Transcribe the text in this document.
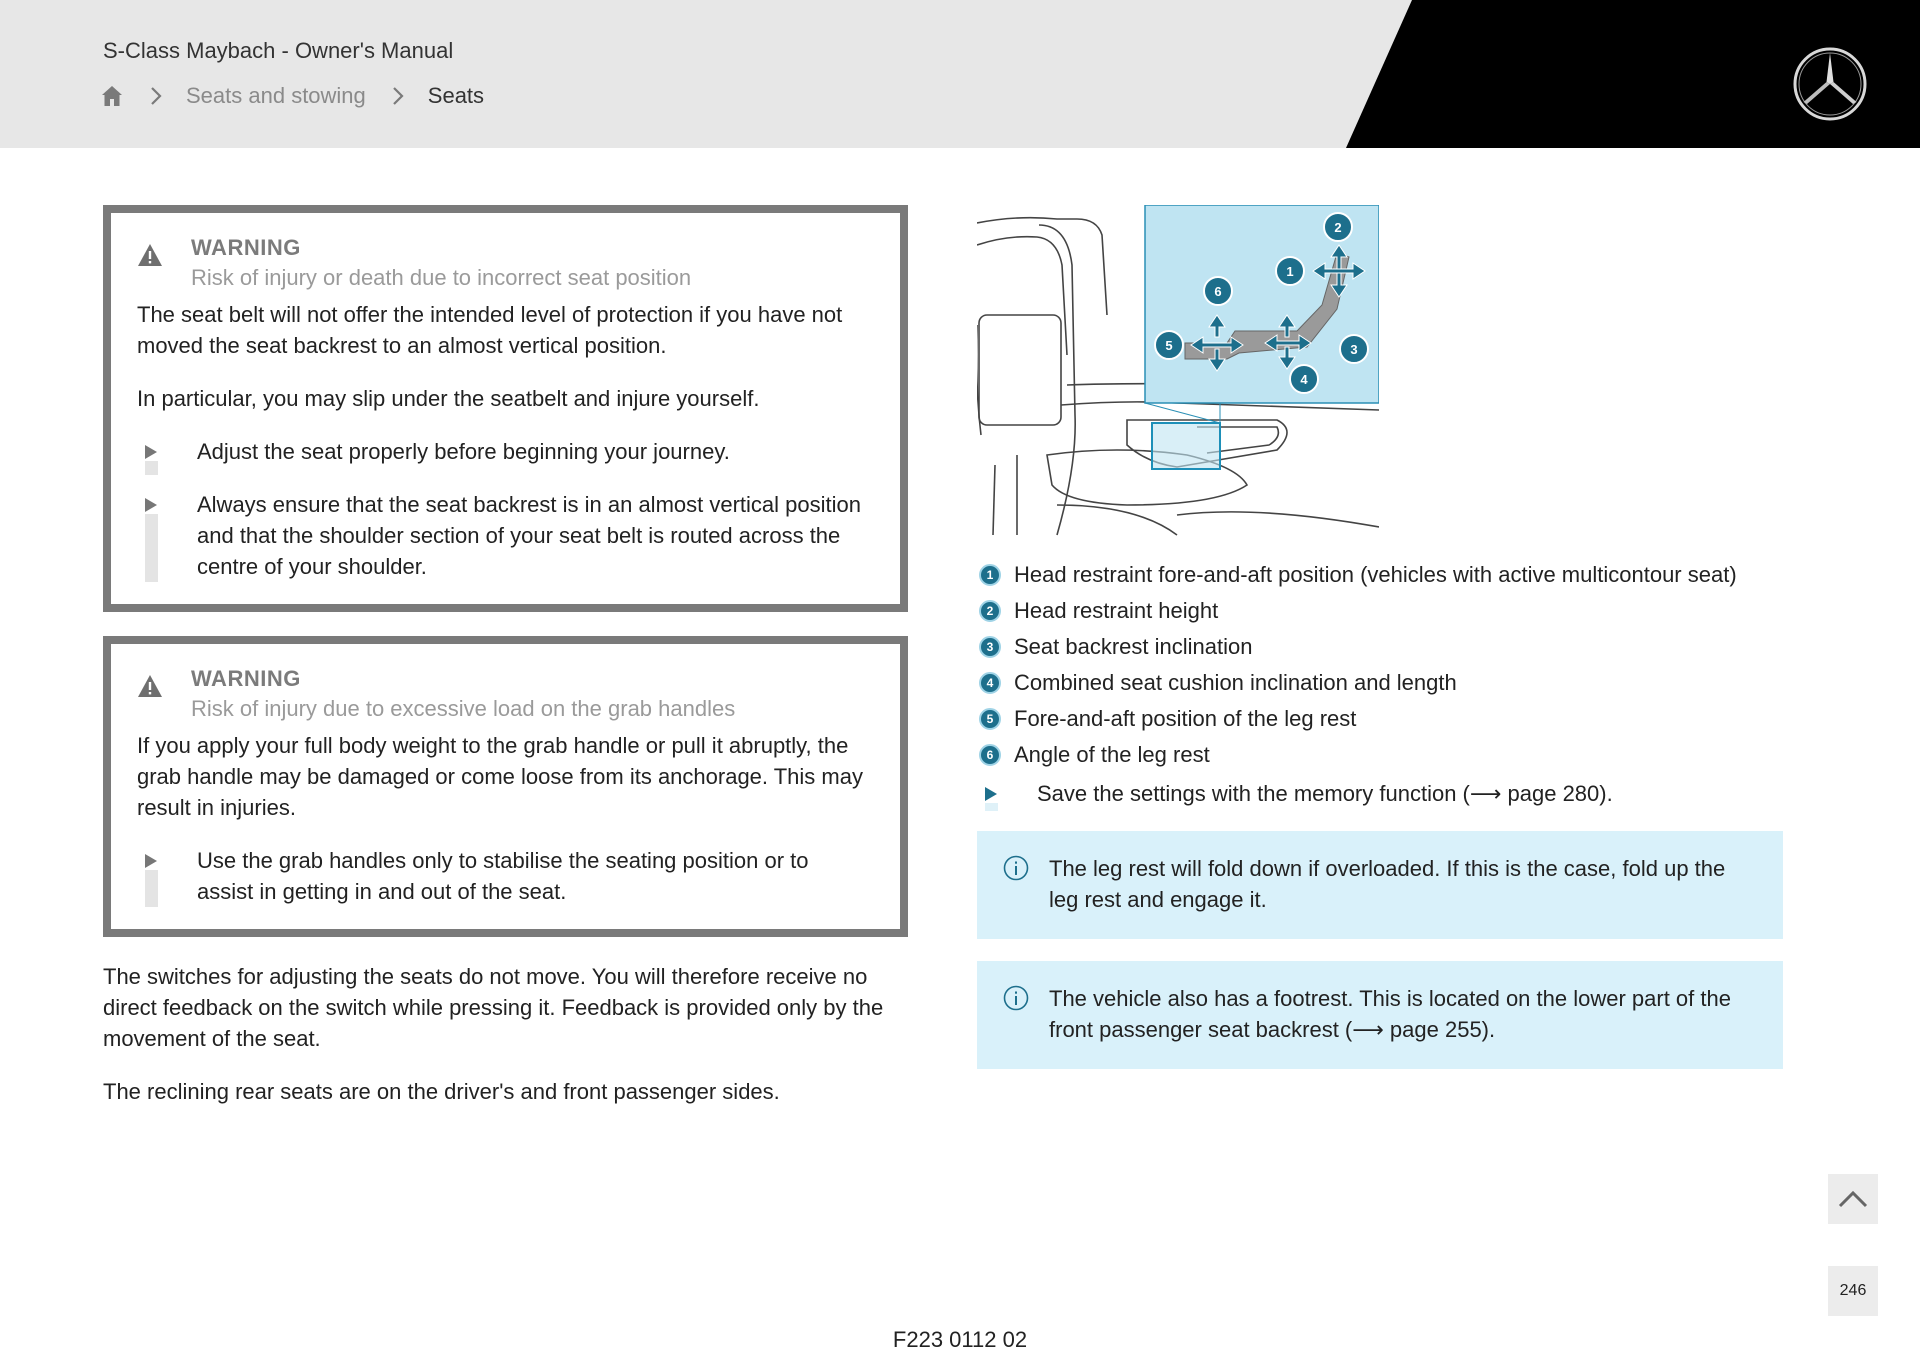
S-Class Maybach - Owner's Manual
Seats and stowing	Seats
WARNING
Risk of injury or death due to incorrect seat position

The seat belt will not offer the intended level of protection if you have not moved the seat backrest to an almost vertical position.

In particular, you may slip under the seatbelt and injure yourself.

Adjust the seat properly before beginning your journey.
Always ensure that the seat backrest is in an almost vertical position and that the shoulder section of your seat belt is routed across the centre of your shoulder.
WARNING
Risk of injury due to excessive load on the grab handles

If you apply your full body weight to the grab handle or pull it abruptly, the grab handle may be damaged or come loose from its anchorage. This may result in injuries.

Use the grab handles only to stabilise the seating position or to assist in getting in and out of the seat.

The switches for adjusting the seats do not move. You will therefore receive no direct feedback on the switch while pressing it. Feedback is provided only by the movement of the seat.

The reclining rear seats are on the driver's and front passenger sides.

2
1
6
5	3
4
1 Head restraint fore-and-aft position (vehicles with active multicontour seat)
2 Head restraint height
3 Seat backrest inclination
4 Combined seat cushion inclination and length
5 Fore-and-aft position of the leg rest
6 Angle of the leg rest
Save the settings with the memory function (⟶ page 280).
The leg rest will fold down if overloaded. If this is the case, fold up the leg rest and engage it.
The vehicle also has a footrest. This is located on the lower part of the front passenger seat backrest (⟶ page 255).
246
F223 0112 02
